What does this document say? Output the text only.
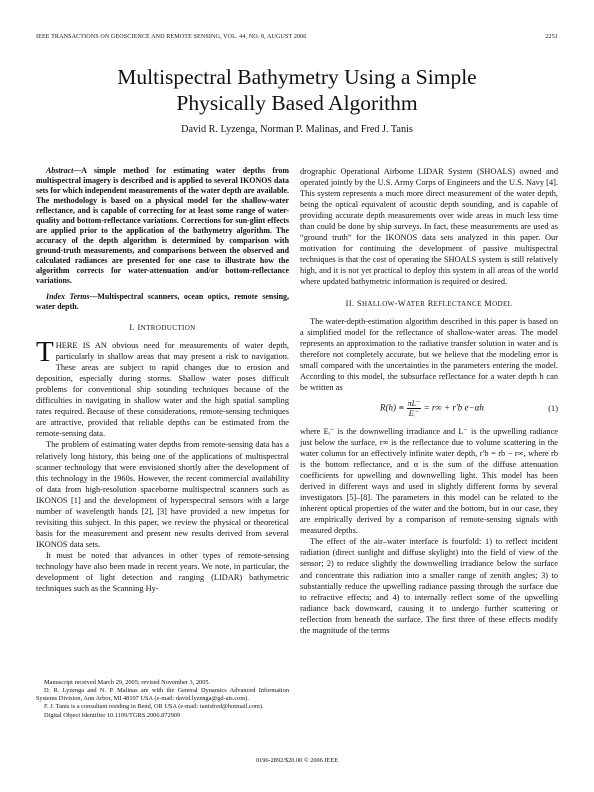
IEEE TRANSACTIONS ON GEOSCIENCE AND REMOTE SENSING, VOL. 44, NO. 8, AUGUST 2006	2251
Multispectral Bathymetry Using a Simple
Physically Based Algorithm
David R. Lyzenga, Norman P. Malinas, and Fred J. Tanis

Abstract—A simple method for estimating water depths from multispectral imagery is described and is applied to several IKONOS data sets for which independent measurements of the water depth are available. The methodology is based on a physical model for the shallow-water reflectance, and is capable of correcting for at least some range of water-quality and bottom-reflectance variations. Corrections for sun-glint effects are applied prior to the application of the bathymetry algorithm. The accuracy of the depth algorithm is determined by comparison with ground-truth measurements, and comparisons between the observed and calculated radiances are presented for one case to illustrate how the algorithm corrects for water-attenuation and/or bottom-reflectance variations.

Index Terms—Multispectral scanners, ocean optics, remote sensing, water depth.

I. INTRODUCTION

THERE IS AN obvious need for measurements of water depth, particularly in shallow areas that may present a risk to navigation. These areas are subject to rapid changes due to erosion and deposition, especially during storms. Shallow water poses difficult problems for conventional ship sounding techniques because of the difficulties in navigating in shallow water and the high spatial sampling rates required. Because of these considerations, remote-sensing techniques are attractive, provided that reliable depths can be estimated from the remote-sensing data.

The problem of estimating water depths from remote-sensing data has a relatively long history, this being one of the applications of multispectral scanner technology that were envisioned shortly after the development of this technology in the 1960s. However, the recent commercial availability of data from high-resolution spaceborne multispectral scanners such as IKONOS [1] and the development of hyperspectral sensors with a large number of wavelength bands [2], [3] have provided a new impetus for revisiting this subject. In this paper, we review the physical or theoretical basis for the measurement and present new results derived from several IKONOS data sets.

It must be noted that advances in other types of remote-sensing technology have also been made in recent years. We note, in particular, the development of light detection and ranging (LIDAR) bathymetric techniques such as the Scanning Hy-

Manuscript received March 29, 2005; revised November 3, 2005.

D. R. Lyzenga and N. P. Malinas are with the General Dynamics Advanced Information Systems Division, Ann Arbor, MI 48197 USA (e-mail: david.lyzenga@gd-ais.com).

F. J. Tanis is a consultant residing in Bend, OR USA (e-mail: tanisfred@hotmail.com).

Digital Object Identifier 10.1109/TGRS.2006.872909

drographic Operational Airborne LIDAR System (SHOALS) owned and operated jointly by the U.S. Army Corps of Engineers and the U.S. Navy [4]. This system represents a much more direct measurement of the water depth, being the optical equivalent of acoustic depth sounding, and is capable of providing accurate depth measurements over wide areas in much less time than could be done by ship surveys. In fact, these measurements are used as “ground truth” for the IKONOS data sets analyzed in this paper. Our motivation for continuing the development of passive multispectral techniques is that the cost of operating the SHOALS system is still relatively high, and it is not yet practical to deploy this system in all areas of the world where updated bathymetric information is required or desired.

II. SHALLOW-WATER REFLECTANCE MODEL

The water-depth-estimation algorithm described in this paper is based on a simplified model for the reflectance of shallow-water areas. The model represents an approximation to the radiative transfer solution in water and is therefore not completely accurate, but we believe that the modeling error is small compared with the uncertainties in the parameters entering the model. According to this model, the subsurface reflectance for a water depth h can be written as

$R(h) \equiv \frac{\pi L^-}{\text{Eᵢ⁻}} = r\infty + r'b$ e−αh	(1)

where Eᵢ⁻ is the downwelling irradiance and L⁻ is the upwelling radiance just below the surface, r∞ is the reflectance due to volume scattering in the water column for an effectively infinite water depth, r′b = rb − r∞, where rb is the bottom reflectance, and α is the sum of the diffuse attenuation coefficients for upwelling and downwelling light. This model has been derived in different ways and used in slightly different forms by several investigators [5]–[8]. The parameters in this model can be related to the inherent optical properties of the water and the bottom, but in our case, they are empirically derived by a comparison of remote-sensing signals with measured depths.

The effect of the air–water interface is fourfold: 1) to reflect incident radiation (direct sunlight and diffuse skylight) into the field of view of the sensor; 2) to reduce slightly the downwelling irradiance below the surface and concentrate this radiation into a smaller range of zenith angles; 3) to substantially reduce the upwelling radiance passing through the surface due to refractive effects; and 4) to internally reflect some of the upwelling radiance back downward, causing it to undergo further scattering or reflection from beneath the surface. The first three of these effects modify the magnitude of the terms

0196-2892/$20.00 © 2006 IEEE
